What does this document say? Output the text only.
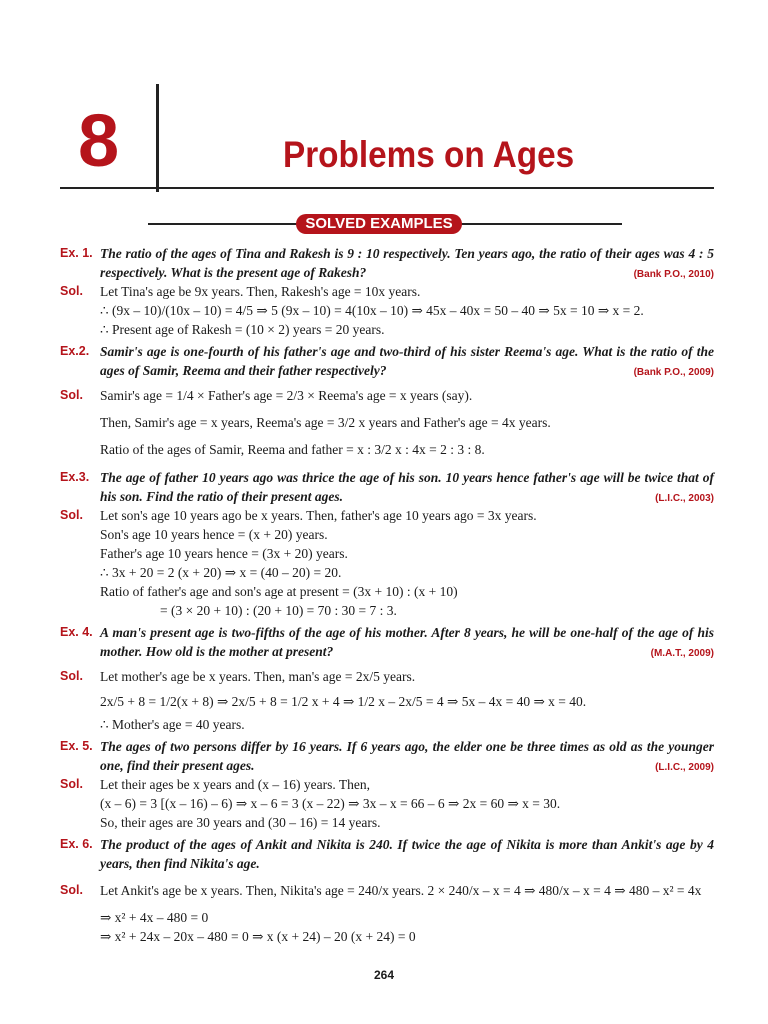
8	Problems on Ages
SOLVED EXAMPLES
Ex. 1. The ratio of the ages of Tina and Rakesh is 9 : 10 respectively. Ten years ago, the ratio of their ages was 4 : 5 respectively. What is the present age of Rakesh?	(Bank P.O., 2010)
Sol. Let Tina's age be 9x years. Then, Rakesh's age = 10x years.

∴ (9x – 10)/(10x – 10) = 4/5 ⇒ 5 (9x – 10) = 4(10x – 10) ⇒ 45x – 40x = 50 – 40 ⇒ 5x = 10 ⇒ x = 2.

∴ Present age of Rakesh = (10 × 2) years = 20 years.

Ex.2. Samir's age is one-fourth of his father's age and two-third of his sister Reema's age. What is the ratio of the ages of Samir, Reema and their father respectively?	(Bank P.O., 2009)
Sol. Samir's age = 1/4 × Father's age = 2/3 × Reema's age = x years (say).

Then, Samir's age = x years, Reema's age = 3/2 x years and Father's age = 4x years.

Ratio of the ages of Samir, Reema and father = x : 3/2 x : 4x = 2 : 3 : 8.

Ex.3. The age of father 10 years ago was thrice the age of his son. 10 years hence father's age will be twice that of his son. Find the ratio of their present ages.	(L.I.C., 2003)
Sol. Let son's age 10 years ago be x years. Then, father's age 10 years ago = 3x years.

Son's age 10 years hence = (x + 20) years.

Father's age 10 years hence = (3x + 20) years.

∴ 3x + 20 = 2 (x + 20) ⇒ x = (40 – 20) = 20.

Ratio of father's age and son's age at present = (3x + 10) : (x + 10)

= (3 × 20 + 10) : (20 + 10) = 70 : 30 = 7 : 3.

Ex. 4. A man's present age is two-fifths of the age of his mother. After 8 years, he will be one-half of the age of his mother. How old is the mother at present?	(M.A.T., 2009)
Sol. Let mother's age be x years. Then, man's age = 2x/5 years.

2x/5 + 8 = 1/2(x + 8) ⇒ 2x/5 + 8 = 1/2 x + 4 ⇒ 1/2 x – 2x/5 = 4 ⇒ 5x – 4x = 40 ⇒ x = 40.

∴ Mother's age = 40 years.

Ex. 5. The ages of two persons differ by 16 years. If 6 years ago, the elder one be three times as old as the younger one, find their present ages.	(L.I.C., 2009)
Sol. Let their ages be x years and (x – 16) years. Then,

(x – 6) = 3 [(x – 16) – 6) ⇒ x – 6 = 3 (x – 22) ⇒ 3x – x = 66 – 6 ⇒ 2x = 60 ⇒ x = 30.

So, their ages are 30 years and (30 – 16) = 14 years.

Ex. 6. The product of the ages of Ankit and Nikita is 240. If twice the age of Nikita is more than Ankit's age by 4 years, then find Nikita's age.
Sol. Let Ankit's age be x years. Then, Nikita's age = 240/x years. 2 × 240/x – x = 4 ⇒ 480/x – x = 4 ⇒ 480 – x² = 4x

⇒ x² + 4x – 480 = 0

⇒ x² + 24x – 20x – 480 = 0 ⇒ x (x + 24) – 20 (x + 24) = 0

264
